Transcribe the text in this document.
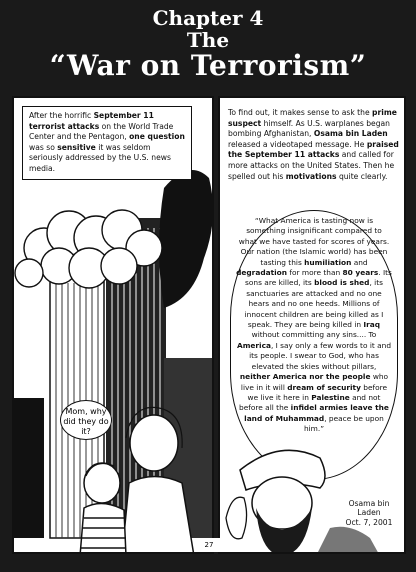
Chapter 4
The
“War on Terrorism”
After the horrific September 11 terrorist attacks on the World Trade Center and the Pentagon, one question was so sensitive it was seldom seriously addressed by the U.S. news media.
Mom, why did they do it?
To find out, it makes sense to ask the prime suspect himself. As U.S. warplanes began bombing Afghanistan, Osama bin Laden released a videotaped message. He praised the September 11 attacks and called for more attacks on the United States. Then he spelled out his motivations quite clearly.
“What America is tasting now is something insignificant compared to what we have tasted for scores of years. Our nation (the Islamic world) has been tasting this humiliation and degradation for more than 80 years. Its sons are killed, its blood is shed, its sanctuaries are attacked and no one hears and no one heeds. Millions of innocent children are being killed as I speak. They are being killed in Iraq without committing any sins.... To America, I say only a few words to it and its people. I swear to God, who has elevated the skies without pillars, neither America nor the people who live in it will dream of security before we live it here in Palestine and not before all the infidel armies leave the land of Muhammad, peace be upon him.”
Osama bin Laden
Oct. 7, 2001
27
